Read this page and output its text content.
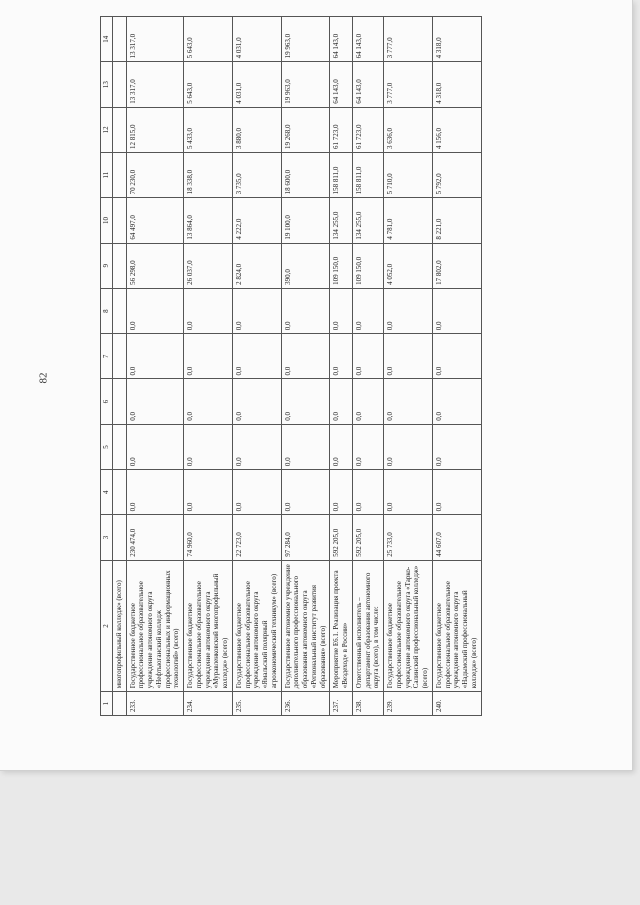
82
1	2	3	4	5	6	7	8	9	10	11	12	13	14
	многопрофильный колледж» (всего)												
233.	Государственное бюджетное профессиональное образовательное учреждение автономного округа «Нефтьюганский колледж профессиональных и информационных технологий» (всего)	230 474,0	0,0	0,0	0,0	0,0	0,0	56 298,0	64 497,0	70 230,0	12 815,0	13 317,0	13 317,0
234.	Государственное бюджетное профессиональное образовательное учреждение автономного округа «Муравленковский многопрофильный колледж» (всего)	74 960,0	0,0	0,0	0,0	0,0	0,0	26 037,0	13 864,0	18 338,0	5 433,0	5 643,0	5 643,0
235.	Государственное бюджетное профессиональное образовательное учреждение автономного округа «Ямальский полярный агроэкономический техникум» (всего)	22 723,0	0,0	0,0	0,0	0,0	0,0	2 824,0	4 222,0	3 735,0	3 880,0	4 031,0	4 031,0
236.	Государственное автономное учреждение дополнительного профессионального образования автономного округа «Региональный институт развития образования» (всего)	97 284,0	0,0	0,0	0,0	0,0	0,0	390,0	19 100,0	18 600,0	19 268,0	19 963,0	19 963,0
237.	Мероприятие Е6.1. Реализация проекта «Вездеход» в России»	592 205,0	0,0	0,0	0,0	0,0	0,0	109 150,0	134 255,0	158 811,0	61 723,0	64 143,0	64 143,0
238.	Ответственный исполнитель – департамент образования автономного округа (всего), в том числе:	592 205,0	0,0	0,0	0,0	0,0	0,0	109 150,0	134 255,0	158 811,0	61 723,0	64 143,0	64 143,0
239.	Государственное бюджетное профессиональное образовательное учреждение автономного округа «Тарко-Салинский профессиональный колледж» (всего)	25 733,0	0,0	0,0	0,0	0,0	0,0	4 052,0	4 781,0	5 710,0	3 636,0	3 777,0	3 777,0
240.	Государственное бюджетное профессиональное образовательное учреждение автономного округа «Надымский профессиональный колледж» (всего)	44 607,0	0,0	0,0	0,0	0,0	0,0	17 802,0	8 221,0	5 792,0	4 156,0	4 318,0	4 318,0
